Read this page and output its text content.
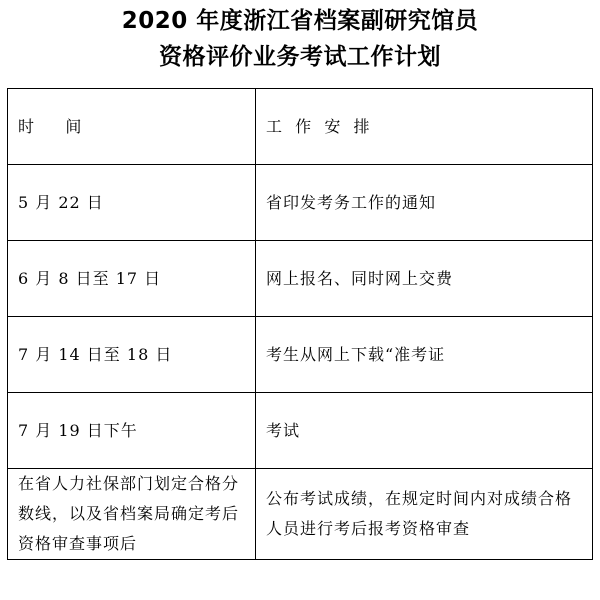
2020 年度浙江省档案副研究馆员
资格评价业务考试工作计划
时     间	工  作  安  排
5 月 22 日	省印发考务工作的通知
6 月 8 日至 17 日	网上报名、同时网上交费
7 月 14 日至 18 日	考生从网上下载“准考证
7 月 19 日下午	考试
在省人力社保部门划定合格分数线，以及省档案局确定考后资格审查事项后	公布考试成绩，在规定时间内对成绩合格人员进行考后报考资格审查
